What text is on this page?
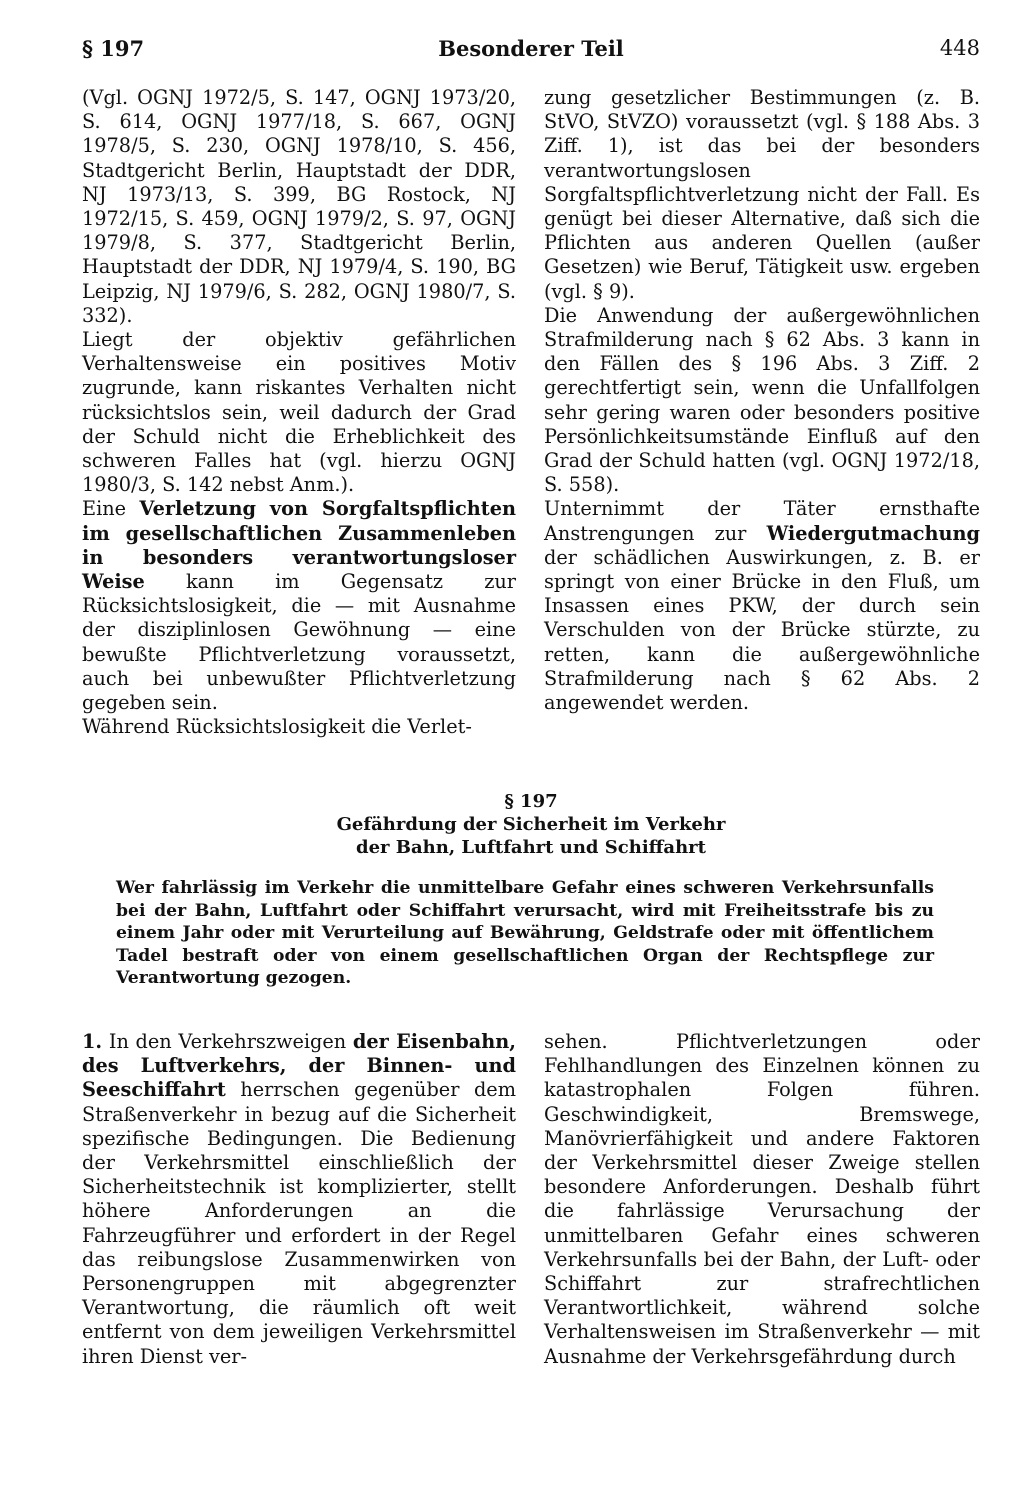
§ 197	Besonderer Teil	448

(Vgl. OGNJ 1972/5, S. 147, OGNJ 1973/20, S. 614, OGNJ 1977/18, S. 667, OGNJ 1978/5, S. 230, OGNJ 1978/10, S. 456, Stadtgericht Berlin, Hauptstadt der DDR, NJ 1973/13, S. 399, BG Rostock, NJ 1972/15, S. 459, OGNJ 1979/2, S. 97, OGNJ 1979/8, S. 377, Stadtgericht Berlin, Hauptstadt der DDR, NJ 1979/4, S. 190, BG Leipzig, NJ 1979/6, S. 282, OGNJ 1980/7, S. 332).

Liegt der objektiv gefährlichen Verhaltensweise ein positives Motiv zugrunde, kann riskantes Verhalten nicht rücksichtslos sein, weil dadurch der Grad der Schuld nicht die Erheblichkeit des schweren Falles hat (vgl. hierzu OGNJ 1980/3, S. 142 nebst Anm.).

Eine Verletzung von Sorgfaltspflichten im gesellschaftlichen Zusammenleben in besonders verantwortungsloser Weise kann im Gegensatz zur Rücksichtslosigkeit, die — mit Ausnahme der disziplinlosen Gewöhnung — eine bewußte Pflichtverletzung voraussetzt, auch bei unbewußter Pflichtverletzung gegeben sein.

Während Rücksichtslosigkeit die Verlet-

zung gesetzlicher Bestimmungen (z. B. StVO, StVZO) voraussetzt (vgl. § 188 Abs. 3 Ziff. 1), ist das bei der besonders verantwortungslosen Sorgfaltspflichtverletzung nicht der Fall. Es genügt bei dieser Alternative, daß sich die Pflichten aus anderen Quellen (außer Gesetzen) wie Beruf, Tätigkeit usw. ergeben (vgl. § 9).

Die Anwendung der außergewöhnlichen Strafmilderung nach § 62 Abs. 3 kann in den Fällen des § 196 Abs. 3 Ziff. 2 gerechtfertigt sein, wenn die Unfallfolgen sehr gering waren oder besonders positive Persönlichkeitsumstände Einfluß auf den Grad der Schuld hatten (vgl. OGNJ 1972/18, S. 558).

Unternimmt der Täter ernsthafte Anstrengungen zur Wiedergutmachung der schädlichen Auswirkungen, z. B. er springt von einer Brücke in den Fluß, um Insassen eines PKW, der durch sein Verschulden von der Brücke stürzte, zu retten, kann die außergewöhnliche Strafmilderung nach § 62 Abs. 2 angewendet werden.

§ 197
Gefährdung der Sicherheit im Verkehr
der Bahn, Luftfahrt und Schiffahrt
Wer fahrlässig im Verkehr die unmittelbare Gefahr eines schweren Verkehrsunfalls bei der Bahn, Luftfahrt oder Schiffahrt verursacht, wird mit Freiheitsstrafe bis zu einem Jahr oder mit Verurteilung auf Bewährung, Geldstrafe oder mit öffentlichem Tadel bestraft oder von einem gesellschaftlichen Organ der Rechtspflege zur Verantwortung gezogen.

1. In den Verkehrszweigen der Eisenbahn, des Luftverkehrs, der Binnen- und Seeschiffahrt herrschen gegenüber dem Straßenverkehr in bezug auf die Sicherheit spezifische Bedingungen. Die Bedienung der Verkehrsmittel einschließlich der Sicherheitstechnik ist komplizierter, stellt höhere Anforderungen an die Fahrzeugführer und erfordert in der Regel das reibungslose Zusammenwirken von Personengruppen mit abgegrenzter Verantwortung, die räumlich oft weit entfernt von dem jeweiligen Verkehrsmittel ihren Dienst ver-

sehen. Pflichtverletzungen oder Fehlhandlungen des Einzelnen können zu katastrophalen Folgen führen. Geschwindigkeit, Bremswege, Manövrierfähigkeit und andere Faktoren der Verkehrsmittel dieser Zweige stellen besondere Anforderungen. Deshalb führt die fahrlässige Verursachung der unmittelbaren Gefahr eines schweren Verkehrsunfalls bei der Bahn, der Luft- oder Schiffahrt zur strafrechtlichen Verantwortlichkeit, während solche Verhaltensweisen im Straßenverkehr — mit Ausnahme der Verkehrsgefährdung durch
